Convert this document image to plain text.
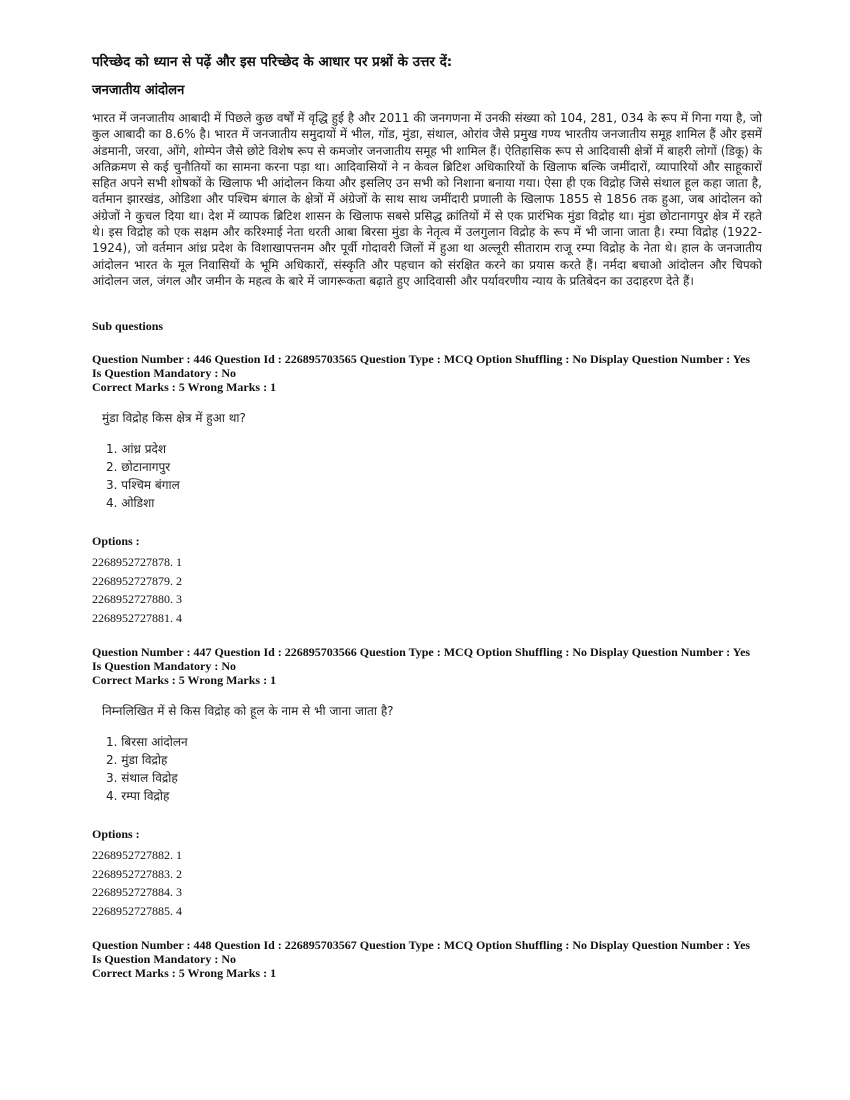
परिच्छेद को ध्यान से पढ़ें और इस परिच्छेद के आधार पर प्रश्नों के उत्तर दें:

जनजातीय आंदोलन

भारत में जनजातीय आबादी में पिछले कुछ वर्षों में वृद्धि हुई है और 2011 की जनगणना में उनकी संख्या को 104, 281, 034 के रूप में गिना गया है, जो कुल आबादी का 8.6% है। भारत में जनजातीय समुदायों में भील, गोंड, मुंडा, संथाल, ओरांव जैसे प्रमुख गण्य भारतीय जनजातीय समूह शामिल हैं और इसमें अंडमानी, जरवा, ओंगे, शोम्पेन जैसे छोटे विशेष रूप से कमजोर जनजातीय समूह भी शामिल हैं। ऐतिहासिक रूप से आदिवासी क्षेत्रों में बाहरी लोगों (डिकू) के अतिक्रमण से कई चुनौतियों का सामना करना पड़ा था। आदिवासियों ने न केवल ब्रिटिश अधिकारियों के खिलाफ बल्कि जमींदारों, व्यापारियों और साहूकारों सहित अपने सभी शोषकों के खिलाफ भी आंदोलन किया और इसलिए उन सभी को निशाना बनाया गया। ऐसा ही एक विद्रोह जिसे संथाल हूल कहा जाता है, वर्तमान झारखंड, ओडिशा और पश्चिम बंगाल के क्षेत्रों में अंग्रेजों के साथ साथ जमींदारी प्रणाली के खिलाफ 1855 से 1856 तक हुआ, जब आंदोलन को अंग्रेजों ने कुचल दिया था। देश में व्यापक ब्रिटिश शासन के खिलाफ सबसे प्रसिद्ध क्रांतियों में से एक प्रारंभिक मुंडा विद्रोह था। मुंडा छोटानागपुर क्षेत्र में रहते थे। इस विद्रोह को एक सक्षम और करिश्माई नेता धरती आबा बिरसा मुंडा के नेतृत्व में उलगुलान विद्रोह के रूप में भी जाना जाता है। रम्पा विद्रोह (1922-1924), जो वर्तमान आंध्र प्रदेश के विशाखापत्तनम और पूर्वी गोदावरी जिलों में हुआ था अल्लूरी सीताराम राजू रम्पा विद्रोह के नेता थे। हाल के जनजातीय आंदोलन भारत के मूल निवासियों के भूमि अधिकारों, संस्कृति और पहचान को संरक्षित करने का प्रयास करते हैं। नर्मदा बचाओ आंदोलन और चिपको आंदोलन जल, जंगल और जमीन के महत्व के बारे में जागरूकता बढ़ाते हुए आदिवासी और पर्यावरणीय न्याय के प्रतिबेदन का उदाहरण देते हैं।

Sub questions

Question Number : 446 Question Id : 226895703565 Question Type : MCQ Option Shuffling : No Display Question Number : Yes Is Question Mandatory : No
Correct Marks : 5 Wrong Marks : 1

मुंडा विद्रोह किस क्षेत्र में हुआ था?

1. आंध्र प्रदेश
2. छोटानागपुर
3. पश्चिम बंगाल
4. ओडिशा
Options :
2268952727878. 1
2268952727879. 2
2268952727880. 3
2268952727881. 4
Question Number : 447 Question Id : 226895703566 Question Type : MCQ Option Shuffling : No Display Question Number : Yes Is Question Mandatory : No
Correct Marks : 5 Wrong Marks : 1

निम्नलिखित में से किस विद्रोह को हूल के नाम से भी जाना जाता है?

1. बिरसा आंदोलन
2. मुंडा विद्रोह
3. संथाल विद्रोह
4. रम्पा विद्रोह
Options :
2268952727882. 1
2268952727883. 2
2268952727884. 3
2268952727885. 4
Question Number : 448 Question Id : 226895703567 Question Type : MCQ Option Shuffling : No Display Question Number : Yes Is Question Mandatory : No
Correct Marks : 5 Wrong Marks : 1
